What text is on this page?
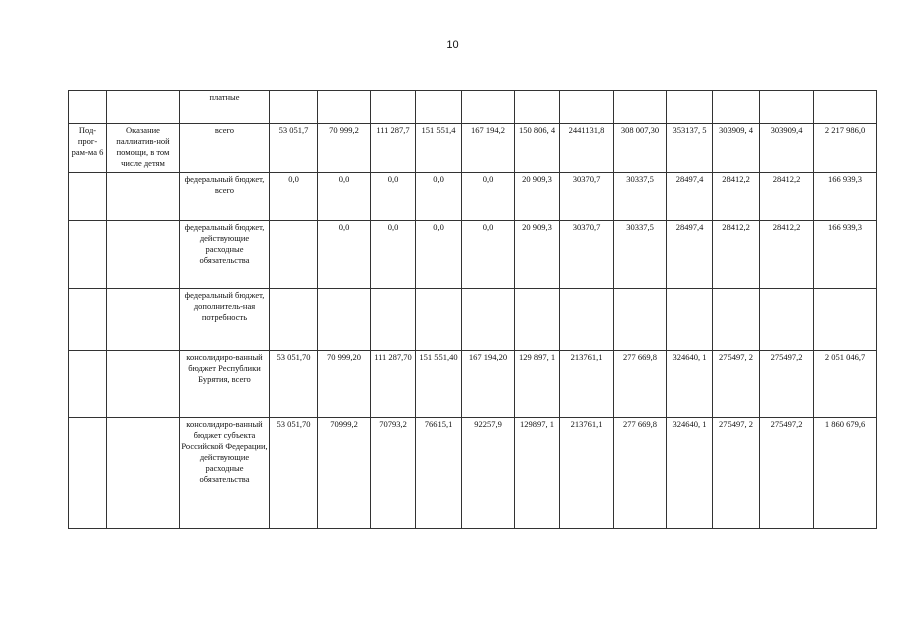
10
		платные												
Под-прог-рам-ма 6	Оказание паллиатив-ной помощи, в том числе детям	всего	53 051,7	70 999,2	111 287,7	151 551,4	167 194,2	150 806, 4	2441131,8	308 007,30	353137, 5	303909, 4	303909,4	2 217 986,0
		федеральный бюджет, всего	0,0	0,0	0,0	0,0	0,0	20 909,3	30370,7	30337,5	28497,4	28412,2	28412,2	166 939,3
		федеральный бюджет, действующие расходные обязательства		0,0	0,0	0,0	0,0	20 909,3	30370,7	30337,5	28497,4	28412,2	28412,2	166 939,3
		федеральный бюджет, дополнитель-ная потребность												
		консолидиро-ванный бюджет Республики Бурятия, всего	53 051,70	70 999,20	111 287,70	151 551,40	167 194,20	129 897, 1	213761,1	277 669,8	324640, 1	275497, 2	275497,2	2 051 046,7
		консолидиро-ванный бюджет субъекта Российской Федерации, действующие расходные обязательства	53 051,70	70999,2	70793,2	76615,1	92257,9	129897, 1	213761,1	277 669,8	324640, 1	275497, 2	275497,2	1 860 679,6
